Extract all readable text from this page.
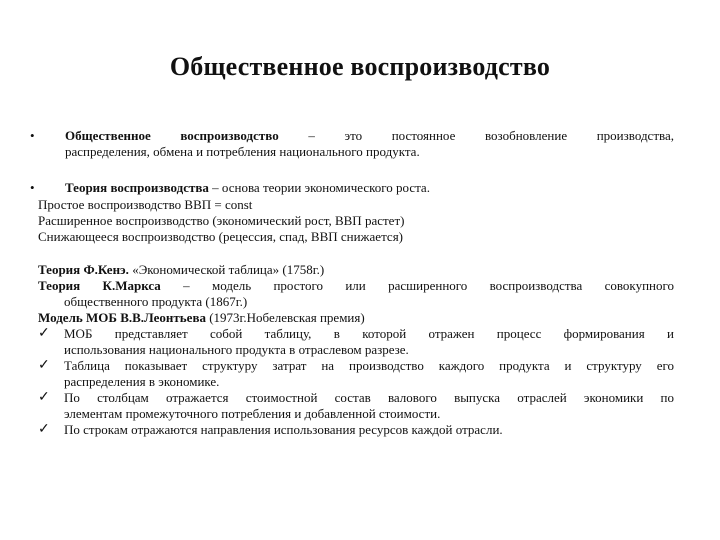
Общественное воспроизводство
•	Общественное воспроизводство – это постоянное возобновление производства,
распределения, обмена и потребления национального продукта.
•	Теория воспроизводства – основа теории экономического роста.
Простое воспроизводство ВВП = const
Расширенное воспроизводство (экономический рост, ВВП растет)
Снижающееся воспроизводство (рецессия, спад, ВВП снижается)
Теория Ф.Кенэ. «Экономической таблица» (1758г.)
Теория К.Маркса – модель простого или расширенного воспроизводства совокупного
общественного продукта (1867г.)
Модель МОБ В.В.Леонтьева (1973г.Нобелевская премия)
✓ МОБ представляет собой таблицу, в которой отражен процесс формирования и
использования национального продукта в отраслевом разрезе.
✓ Таблица показывает структуру затрат на производство каждого продукта и структуру его
распределения в экономике.
✓ По столбцам отражается стоимостной состав валового выпуска отраслей экономики по
элементам промежуточного потребления и добавленной стоимости.
✓ По строкам отражаются направления использования ресурсов каждой отрасли.
